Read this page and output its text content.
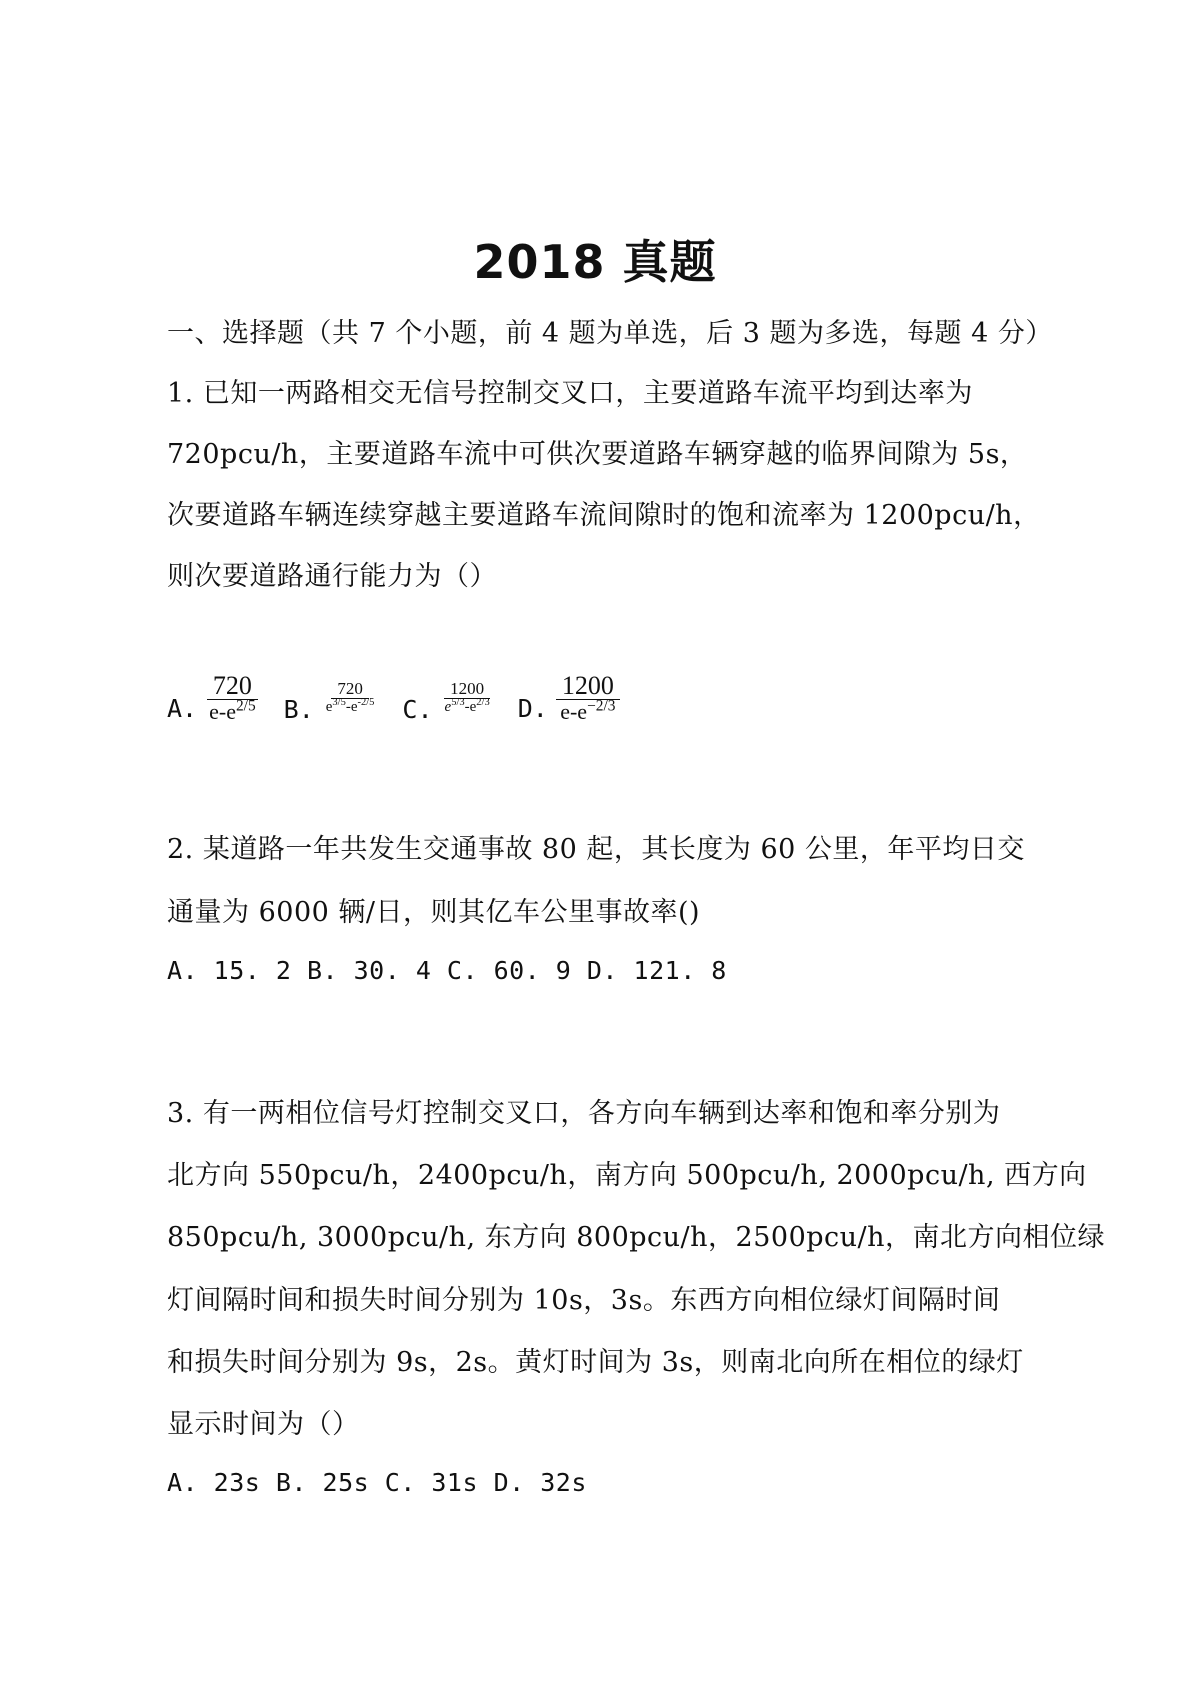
2018 真题
一、选择题（共 7 个小题，前 4 题为单选，后 3 题为多选，每题 4 分）
1. 已知一两路相交无信号控制交叉口，主要道路车流平均到达率为
720pcu/h，主要道路车流中可供次要道路车辆穿越的临界间隙为 5s，
次要道路车辆连续穿越主要道路车流间隙时的饱和流率为 1200pcu/h，
则次要道路通行能力为（）
A. $\frac{720}{e-e^{2/5}} B$. $\frac{720}{e^{3/5}-e^{-2/5}} C$. $\frac{1200}{e^{5/3}-e^{2/3}} D$. $\frac{1200}{e-e^{-2/3}}$
2. 某道路一年共发生交通事故 80 起，其长度为 60 公里，年平均日交
通量为 6000 辆/日，则其亿车公里事故率()
A. 15. 2 B. 30. 4 C. 60. 9 D. 121. 8
3. 有一两相位信号灯控制交叉口，各方向车辆到达率和饱和率分别为
北方向 550pcu/h，2400pcu/h，南方向 500pcu/h, 2000pcu/h, 西方向
850pcu/h, 3000pcu/h, 东方向 800pcu/h，2500pcu/h，南北方向相位绿
灯间隔时间和损失时间分别为 10s，3s。东西方向相位绿灯间隔时间
和损失时间分别为 9s，2s。黄灯时间为 3s，则南北向所在相位的绿灯
显示时间为（）
A. 23s B. 25s C. 31s D. 32s
